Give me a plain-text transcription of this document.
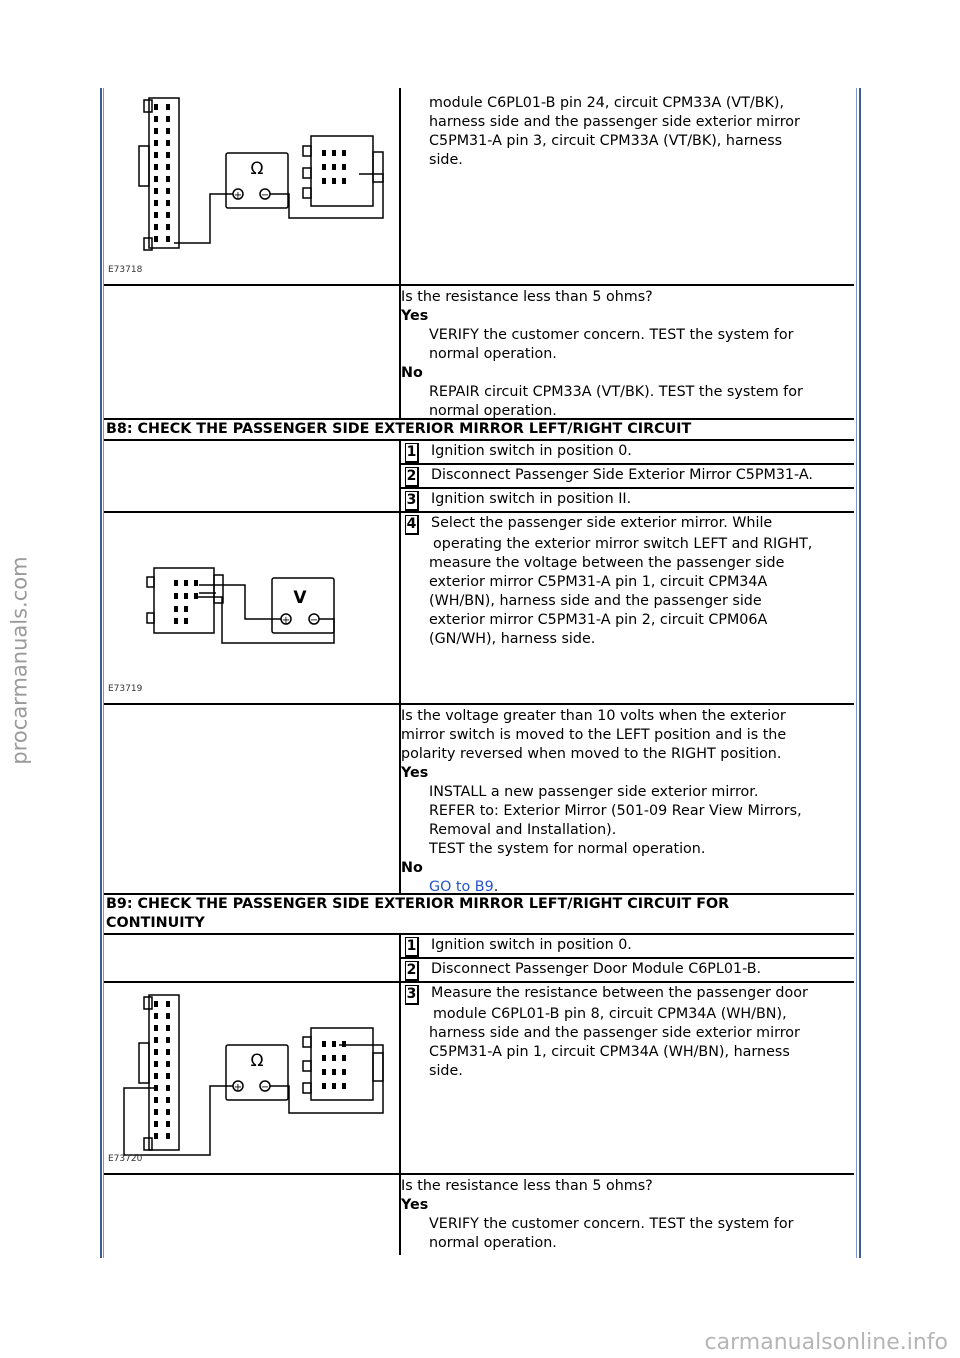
procarmanuals.com
carmanualsonline.info
Ω
+ −
E73718
module C6PL01-B pin 24, circuit CPM33A (VT/BK),
harness side and the passenger side exterior mirror
C5PM31-A pin 3, circuit CPM33A (VT/BK), harness
side.
Is the resistance less than 5 ohms?
Yes
VERIFY the customer concern. TEST the system for
normal operation.
No
REPAIR circuit CPM33A (VT/BK). TEST the system for
normal operation.
B8: CHECK THE PASSENGER SIDE EXTERIOR MIRROR LEFT/RIGHT CIRCUIT
1 Ignition switch in position 0.
2 Disconnect Passenger Side Exterior Mirror C5PM31-A.
3 Ignition switch in position II.
V
+ −
E73719
4 Select the passenger side exterior mirror. While
operating the exterior mirror switch LEFT and RIGHT,
measure the voltage between the passenger side
exterior mirror C5PM31-A pin 1, circuit CPM34A
(WH/BN), harness side and the passenger side
exterior mirror C5PM31-A pin 2, circuit CPM06A
(GN/WH), harness side.
Is the voltage greater than 10 volts when the exterior
mirror switch is moved to the LEFT position and is the
polarity reversed when moved to the RIGHT position.
Yes
INSTALL a new passenger side exterior mirror.
REFER to: Exterior Mirror (501-09 Rear View Mirrors,
Removal and Installation).
TEST the system for normal operation.
No
GO to B9.
B9: CHECK THE PASSENGER SIDE EXTERIOR MIRROR LEFT/RIGHT CIRCUIT FOR
CONTINUITY
1 Ignition switch in position 0.
2 Disconnect Passenger Door Module C6PL01-B.
Ω
+ −
E73720
3 Measure the resistance between the passenger door
module C6PL01-B pin 8, circuit CPM34A (WH/BN),
harness side and the passenger side exterior mirror
C5PM31-A pin 1, circuit CPM34A (WH/BN), harness
side.
Is the resistance less than 5 ohms?
Yes
VERIFY the customer concern. TEST the system for
normal operation.
